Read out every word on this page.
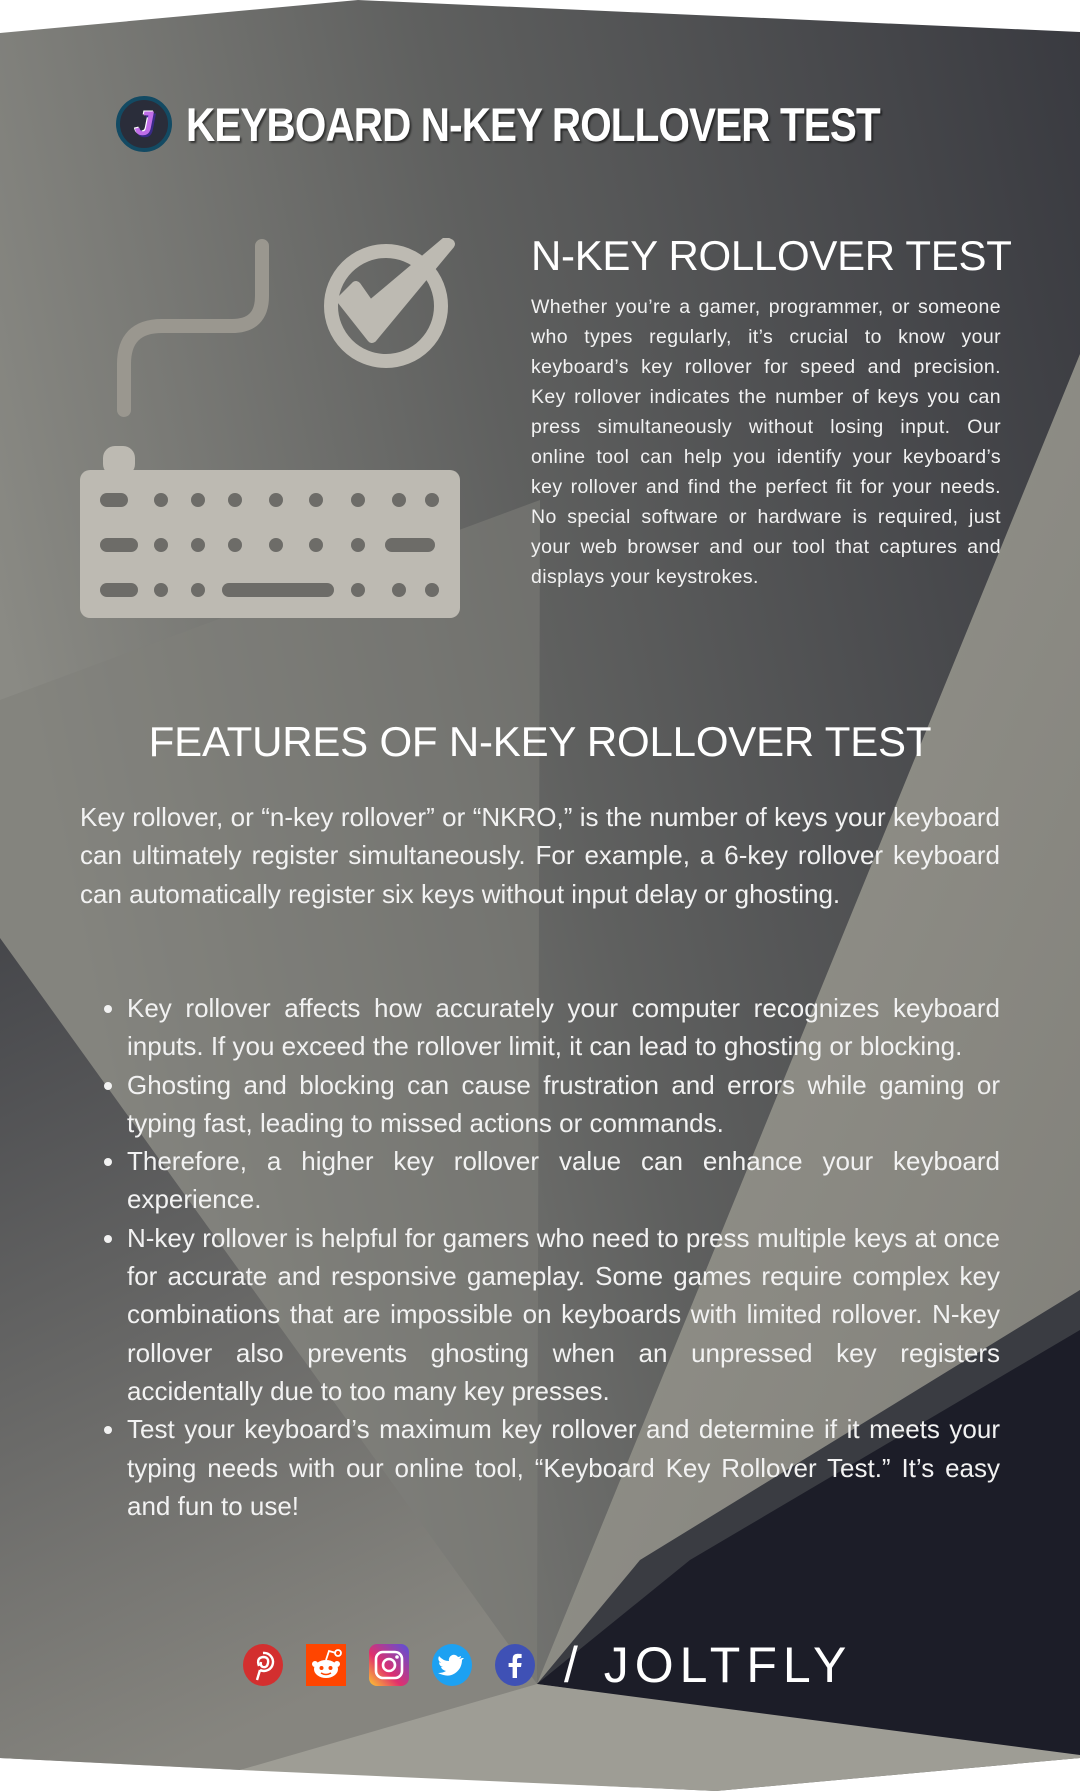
J KEYBOARD N-KEY ROLLOVER TEST
N-KEY ROLLOVER TEST
Whether you’re a gamer, programmer, or someone who types regularly, it’s crucial to know your keyboard’s key rollover for speed and precision. Key rollover indicates the number of keys you can press simultaneously without losing input. Our online tool can help you identify your keyboard’s key rollover and find the perfect fit for your needs. No special software or hardware is required, just your web browser and our tool that captures and displays your keystrokes.
FEATURES OF N-KEY ROLLOVER TEST
Key rollover, or “n-key rollover” or “NKRO,” is the number of keys your keyboard can ultimately register simultaneously. For example, a 6-key rollover keyboard can automatically register six keys without input delay or ghosting.
• Key rollover affects how accurately your computer recognizes keyboard inputs. If you exceed the rollover limit, it can lead to ghosting or blocking.
• Ghosting and blocking can cause frustration and errors while gaming or typing fast, leading to missed actions or commands.
• Therefore, a higher key rollover value can enhance your keyboard experience.
• N-key rollover is helpful for gamers who need to press multiple keys at once for accurate and responsive gameplay. Some games require complex key combinations that are impossible on keyboards with limited rollover. N-key rollover also prevents ghosting when an unpressed key registers accidentally due to too many key presses.
• Test your keyboard’s maximum key rollover and determine if it meets your typing needs with our online tool, “Keyboard Key Rollover Test.” It’s easy and fun to use!
/ JOLTFLY
